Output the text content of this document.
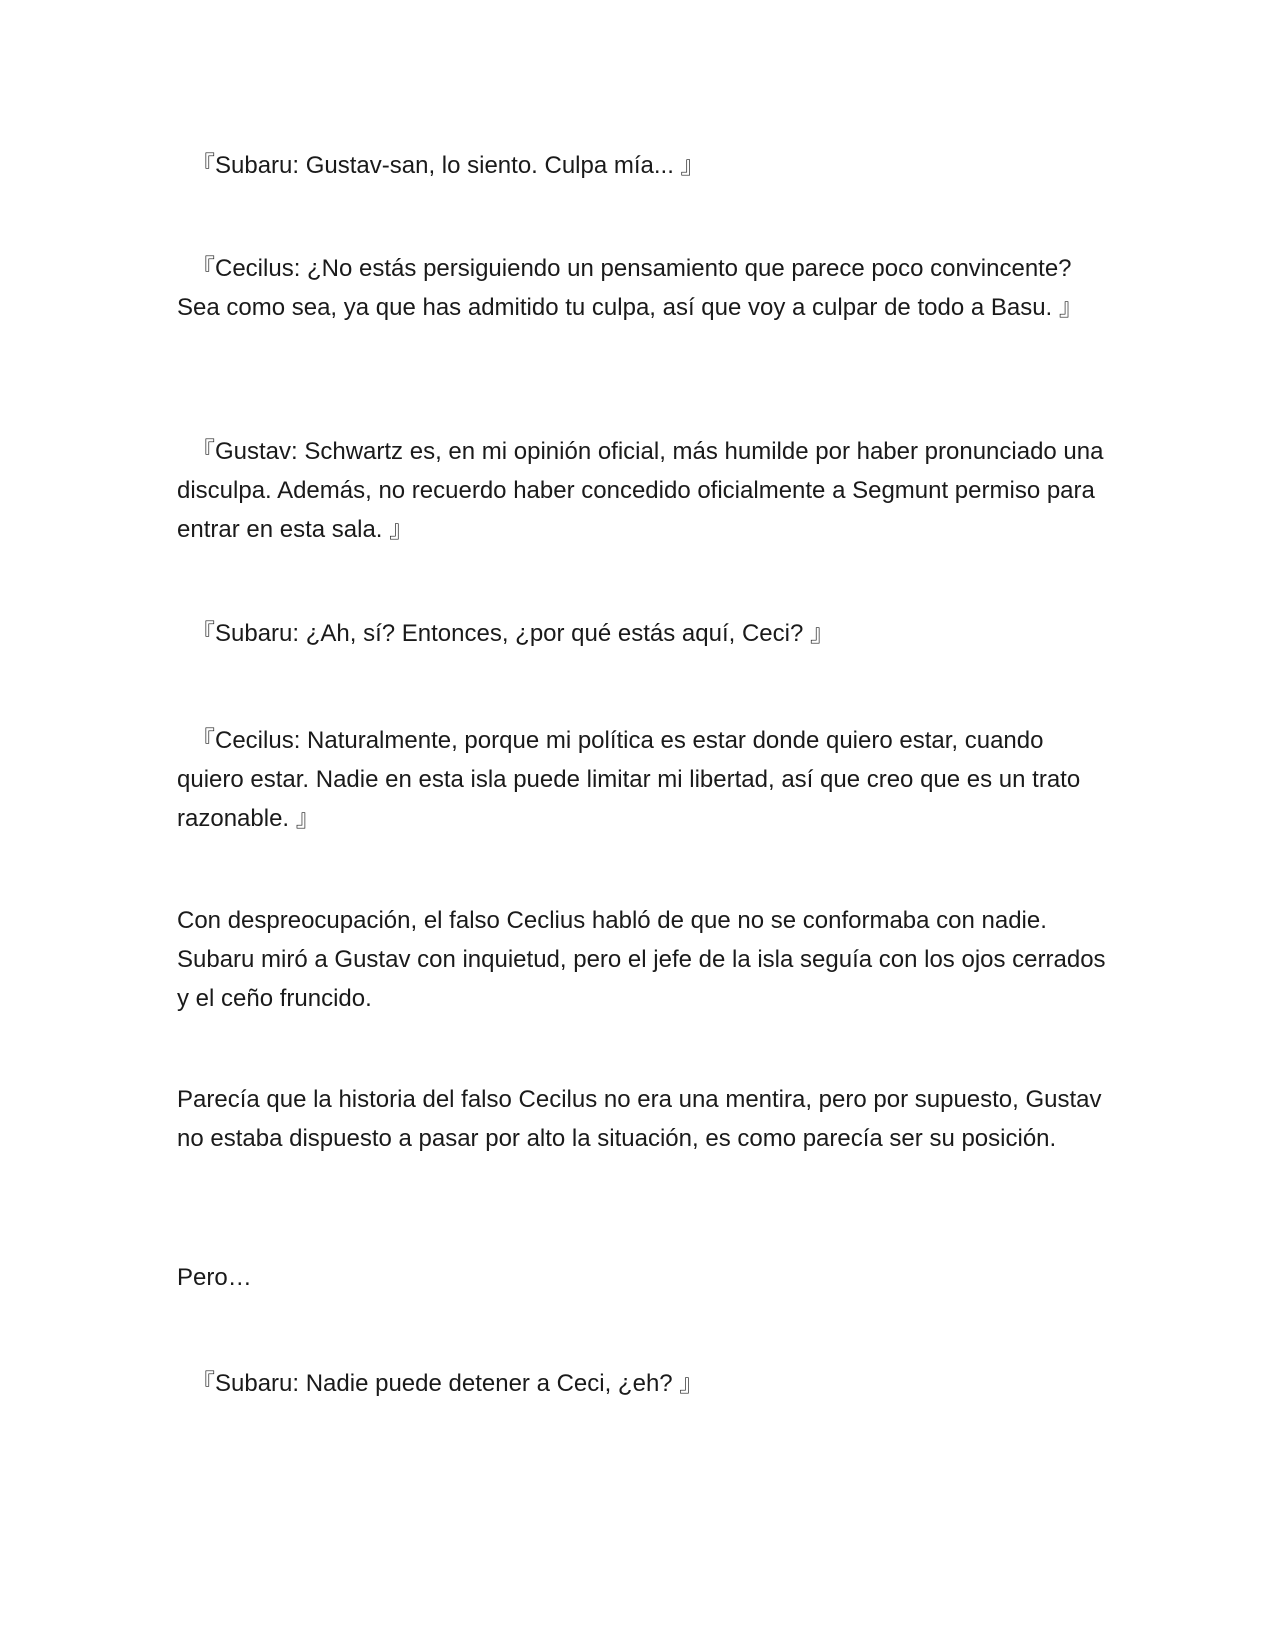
『Subaru: Gustav-san, lo siento. Culpa mía... 』

『Cecilus: ¿No estás persiguiendo un pensamiento que parece poco convincente? Sea como sea, ya que has admitido tu culpa, así que voy a culpar de todo a Basu. 』

『Gustav: Schwartz es, en mi opinión oficial, más humilde por haber pronunciado una disculpa. Además, no recuerdo haber concedido oficialmente a Segmunt permiso para entrar en esta sala. 』

『Subaru: ¿Ah, sí? Entonces, ¿por qué estás aquí, Ceci? 』

『Cecilus: Naturalmente, porque mi política es estar donde quiero estar, cuando quiero estar. Nadie en esta isla puede limitar mi libertad, así que creo que es un trato razonable. 』

Con despreocupación, el falso Ceclius habló de que no se conformaba con nadie. Subaru miró a Gustav con inquietud, pero el jefe de la isla seguía con los ojos cerrados y el ceño fruncido.

Parecía que la historia del falso Cecilus no era una mentira, pero por supuesto, Gustav no estaba dispuesto a pasar por alto la situación, es como parecía ser su posición.

Pero…

『Subaru: Nadie puede detener a Ceci, ¿eh? 』
